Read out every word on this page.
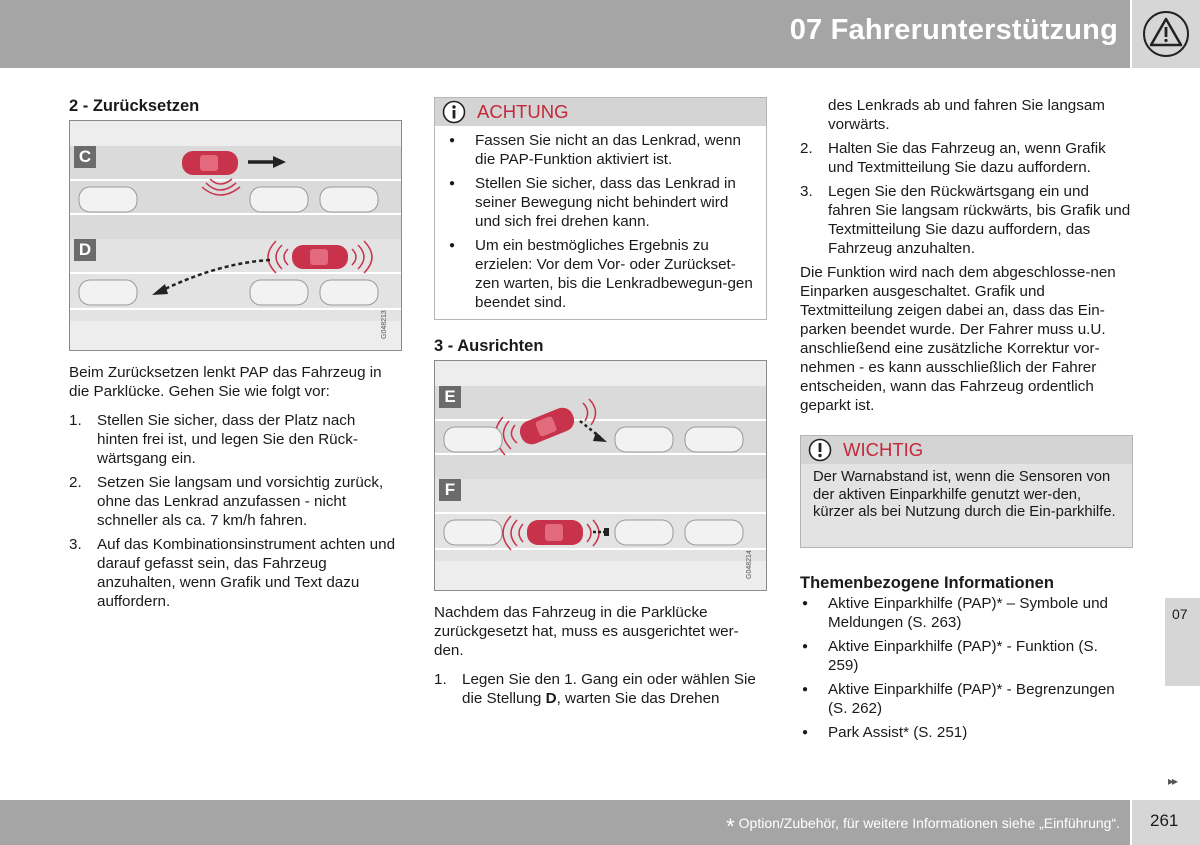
07 Fahrerunterstützung
2 - Zurücksetzen
C
D
G048213

Beim Zurücksetzen lenkt PAP das Fahrzeug in die Parklücke. Gehen Sie wie folgt vor:

1. Stellen Sie sicher, dass der Platz nach hinten frei ist, und legen Sie den Rück-wärtsgang ein.
2. Setzen Sie langsam und vorsichtig zurück, ohne das Lenkrad anzufassen - nicht schneller als ca. 7 km/h fahren.
3. Auf das Kombinationsinstrument achten und darauf gefasst sein, das Fahrzeug anzuhalten, wenn Grafik und Text dazu auffordern.
ACHTUNG
● Fassen Sie nicht an das Lenkrad, wenn die PAP-Funktion aktiviert ist.
● Stellen Sie sicher, dass das Lenkrad in seiner Bewegung nicht behindert wird und sich frei drehen kann.
● Um ein bestmögliches Ergebnis zu erzielen: Vor dem Vor- oder Zurückset-zen warten, bis die Lenkradbewegun-gen beendet sind.
3 - Ausrichten
E
F
G048214

Nachdem das Fahrzeug in die Parklücke zurückgesetzt hat, muss es ausgerichtet wer-den.

1. Legen Sie den 1. Gang ein oder wählen Sie die Stellung D, warten Sie das Drehen

des Lenkrads ab und fahren Sie langsam vorwärts.

2. Halten Sie das Fahrzeug an, wenn Grafik und Textmitteilung Sie dazu auffordern.
3. Legen Sie den Rückwärtsgang ein und fahren Sie langsam rückwärts, bis Grafik und Textmitteilung Sie dazu auffordern, das Fahrzeug anzuhalten.

Die Funktion wird nach dem abgeschlosse-nen Einparken ausgeschaltet. Grafik und Textmitteilung zeigen dabei an, dass das Ein-parken beendet wurde. Der Fahrer muss u.U. anschließend eine zusätzliche Korrektur vor-nehmen - es kann ausschließlich der Fahrer entscheiden, wann das Fahrzeug ordentlich geparkt ist.

WICHTIG

Der Warnabstand ist, wenn die Sensoren von der aktiven Einparkhilfe genutzt wer-den, kürzer als bei Nutzung durch die Ein-parkhilfe.

Themenbezogene Informationen
● Aktive Einparkhilfe (PAP)* – Symbole und Meldungen (S. 263)
● Aktive Einparkhilfe (PAP)* - Funktion (S. 259)
● Aktive Einparkhilfe (PAP)* - Begrenzungen (S. 262)
● Park Assist* (S. 251)
07
▸▸
* Option/Zubehör, für weitere Informationen siehe „Einführung“. 261
